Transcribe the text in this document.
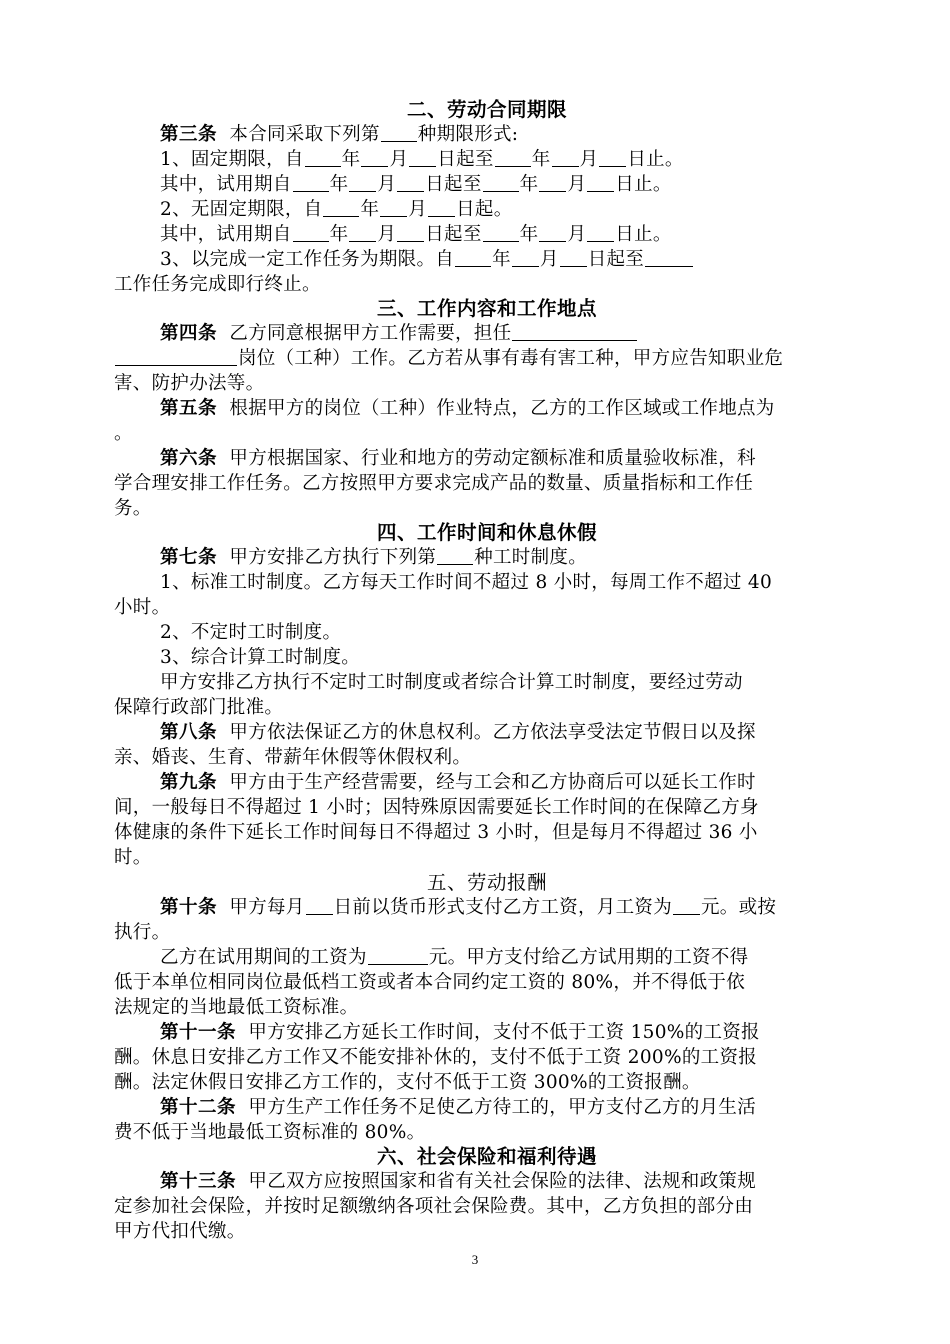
二、劳动合同期限
第三条 本合同采取下列第 种期限形式:
1、固定期限，自 年 月 日起至 年 月 日止。
其中，试用期自 年 月 日起至 年 月 日止。
2、无固定期限，自 年 月 日起。
其中，试用期自 年 月 日起至 年 月 日止。
3、以完成一定工作任务为期限。自 年 月 日起至
工作任务完成即行终止。
三、工作内容和工作地点
第四条 乙方同意根据甲方工作需要，担任
岗位（工种）工作。乙方若从事有毒有害工种，甲方应告知职业危
害、防护办法等。
第五条 根据甲方的岗位（工种）作业特点，乙方的工作区域或工作地点为
。
第六条 甲方根据国家、行业和地方的劳动定额标准和质量验收标准，科
学合理安排工作任务。乙方按照甲方要求完成产品的数量、质量指标和工作任
务。
四、工作时间和休息休假
第七条 甲方安排乙方执行下列第 种工时制度。
1、标准工时制度。乙方每天工作时间不超过 8 小时，每周工作不超过 40
小时。
2、不定时工时制度。
3、综合计算工时制度。
甲方安排乙方执行不定时工时制度或者综合计算工时制度，要经过劳动
保障行政部门批准。
第八条 甲方依法保证乙方的休息权利。乙方依法享受法定节假日以及探
亲、婚丧、生育、带薪年休假等休假权利。
第九条 甲方由于生产经营需要，经与工会和乙方协商后可以延长工作时
间，一般每日不得超过 1 小时；因特殊原因需要延长工作时间的在保障乙方身
体健康的条件下延长工作时间每日不得超过 3 小时，但是每月不得超过 36 小
时。
五、劳动报酬
第十条 甲方每月 日前以货币形式支付乙方工资，月工资为 元。或按
执行。
乙方在试用期间的工资为	元。甲方支付给乙方试用期的工资不得
低于本单位相同岗位最低档工资或者本合同约定工资的 80%，并不得低于依
法规定的当地最低工资标准。
第十一条 甲方安排乙方延长工作时间，支付不低于工资 150%的工资报
酬。休息日安排乙方工作又不能安排补休的，支付不低于工资 200%的工资报
酬。法定休假日安排乙方工作的，支付不低于工资 300%的工资报酬。
第十二条 甲方生产工作任务不足使乙方待工的，甲方支付乙方的月生活
费不低于当地最低工资标准的 80%。
六、社会保险和福利待遇
第十三条 甲乙双方应按照国家和省有关社会保险的法律、法规和政策规
定参加社会保险，并按时足额缴纳各项社会保险费。其中，乙方负担的部分由
甲方代扣代缴。
3
